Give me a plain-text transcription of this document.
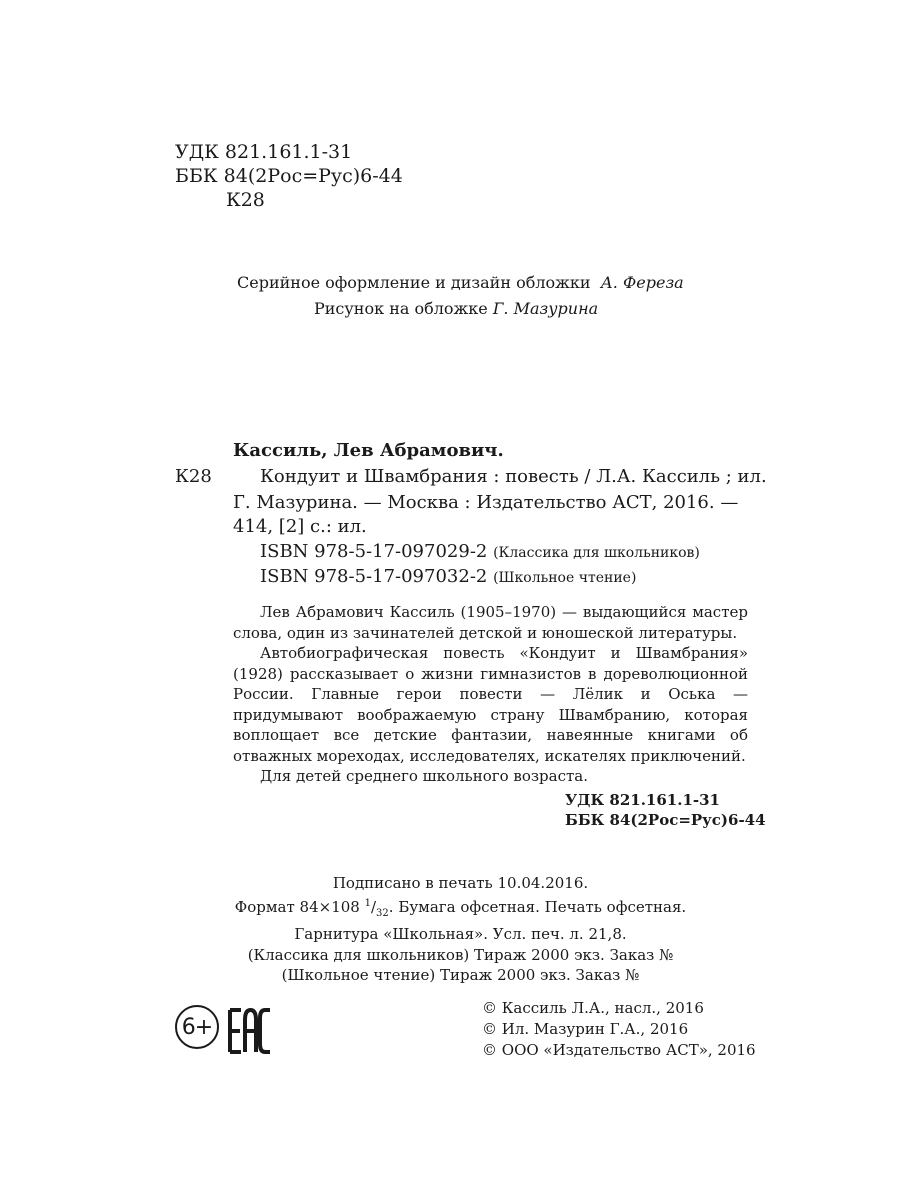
УДК 821.161.1-31
ББК 84(2Рос=Рус)6-44
К28
Серийное оформление и дизайн обложки А. Фереза
Рисунок на обложке Г. Мазурина
Кассиль, Лев Абрамович.
К28	Кондуит и Швамбрания : повесть / Л.А. Кассиль ; ил.
Г. Мазурина. — Москва : Издательство АСТ, 2016. —
414, [2] с.: ил.
ISBN 978-5-17-097029-2 (Классика для школьников)
ISBN 978-5-17-097032-2 (Школьное чтение)

Лев Абрамович Кассиль (1905–1970) — выдающийся мастер слова, один из зачинателей детской и юношеской литературы.

Автобиографическая повесть «Кондуит и Швамбрания» (1928) рассказывает о жизни гимназистов в дореволюционной России. Главные герои повести — Лёлик и Оська — придумывают воображаемую страну Швамбранию, которая воплощает все детские фантазии, навеянные книгами об отважных мореходах, исследователях, искателях приключений.

Для детей среднего школьного возраста.

УДК 821.161.1-31
ББК 84(2Рос=Рус)6-44
Подписано в печать 10.04.2016.
Формат 84×108 $^1/_{32}$. Бумага офсетная. Печать офсетная.
Гарнитура «Школьная». Усл. печ. л. 21,8.
(Классика для школьников) Тираж 2000 экз. Заказ №
(Школьное чтение) Тираж 2000 экз. Заказ №
6+
© Кассиль Л.А., насл., 2016
© Ил. Мазурин Г.А., 2016
© ООО «Издательство АСТ», 2016
